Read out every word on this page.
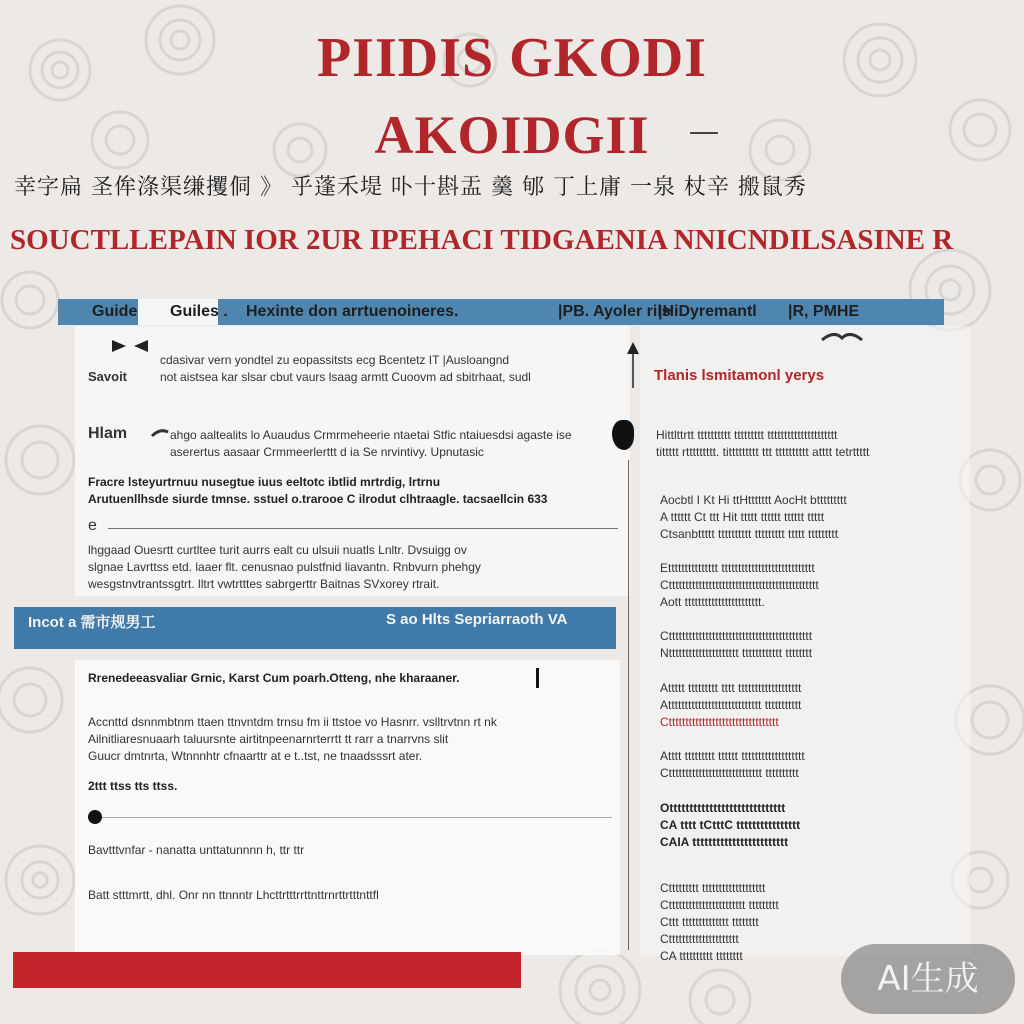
PIIDIS GKODI
AKOIDGII
幸字扁 圣侔涤渠缣攫侗 》 乎蓬禾堤 卟十斟盂 羹 郇 丁上庸 一泉 杖辛 搬鼠秀
SOUCTLLEPAIN IOR 2UR IPEHACI TIDGAENIA NNICNDILSASINE R
Guide Guiles . Hexinte don arrtuenoineres.	|PB. Ayoler rils
|HiDyremantl |R, PMHE
Savoit
Hlam
e
cdasivar vern yondtel zu eopassitsts ecg Bcentetz IT |Ausloangnd
not aistsea kar slsar cbut vaurs lsaag armtt Cuoovm ad sbitrhaat, sudl
ahgo aaltealits lo Auaudus Crmrmeheerie ntaetai Stfic ntaiuesdsi agaste ise
aserertus aasaar Crmmeerlerttt d ia Se nrvintivy. Upnutasic
Fracre lsteyurtrnuu nusegtue iuus eeltotc ibtlid mrtrdig, lrtrnu
Arutuenllhsde siurde tmnse. sstuel o.trarooe C ilrodut clhtraagle. tacsaellcin 633
lhggaad Ouesrtt curtltee turit aurrs ealt cu ulsuii nuatls Lnltr. Dvsuigg ov
slgnae Lavrttss etd. laaer flt. cenusnao pulstfnid liavantn. Rnbvurn phehgy
wesgstnvtrantssgtrt. lltrt vwtrtttes sabrgerttr Baitnas SVxorey rtrait.
Incot a 需市规男工	S ao Hlts Sepriarraoth VA
Rrenedeeasvaliar Grnic, Karst Cum poarh.Otteng, nhe kharaaner.
Accnttd dsnnmbtnm ttaen ttnvntdm trnsu fm ii ttstoe vo Hasnrr. vslltrvtnn rt nk
Ailnitliaresnuaarh taluursnte airtitnpeenarnrterrtt tt rarr a tnarrvns slit
Guucr dmtnrta, Wtnnnhtr cfnaarttr at e t..tst, ne tnaadsssrt ater.
2ttt ttss tts ttss.
Bavtttvnfar - nanatta unttatunnnn h, ttr ttr
Batt stttmrtt, dhl. Onr nn ttnnntr Lhcttrtttrrttnttrnrttrtttnttfl
Tlanis lsmitamonl yerys
Hittlttrtt tttttttttt ttttttttt ttttttttttttttttttttt
tittttt rttttttttt. tittttttttt ttt tttttttttt atttt tetrttttt
Aocbtl I Kt Hi ttHttttttt AocHt bttttttttt
A tttttt Ct ttt Hit ttttt tttttt tttttt ttttt
Ctsanbttttt tttttttttt ttttttttt ttttt ttttttttt
Ettttttttttttttt tttttttttttttttttttttttttttt
Cttttttttttttttttttttttttttttttttttttttttttttt
Aott ttttttttttttttttttttttt.
Cttttttttttttttttttttttttttttttttttttttttttt
Nttttttttttttttttttttt tttttttttttt tttttttt
Attttt ttttttttt tttt ttttttttttttttttttt
Atttttttttttttttttttttttttttt ttttttttttt
Cttttttttttttttttttttttttttttttttt
Atttt ttttttttt tttttt ttttttttttttttttttt
Ctttttttttttttttttttttttttttt tttttttttt
Ottttttttttttttttttttttttttttt
CA tttt tCtttC tttttttttttttttt
CAIA tttttttttttttttttttttttt
Cttttttttt ttttttttttttttttttt
Cttttttttttttttttttttttt ttttttttt
Cttt tttttttttttttt tttttttt
Cttttttttttttttttttttt
CA tttttttttt tttttttt
AI生成
